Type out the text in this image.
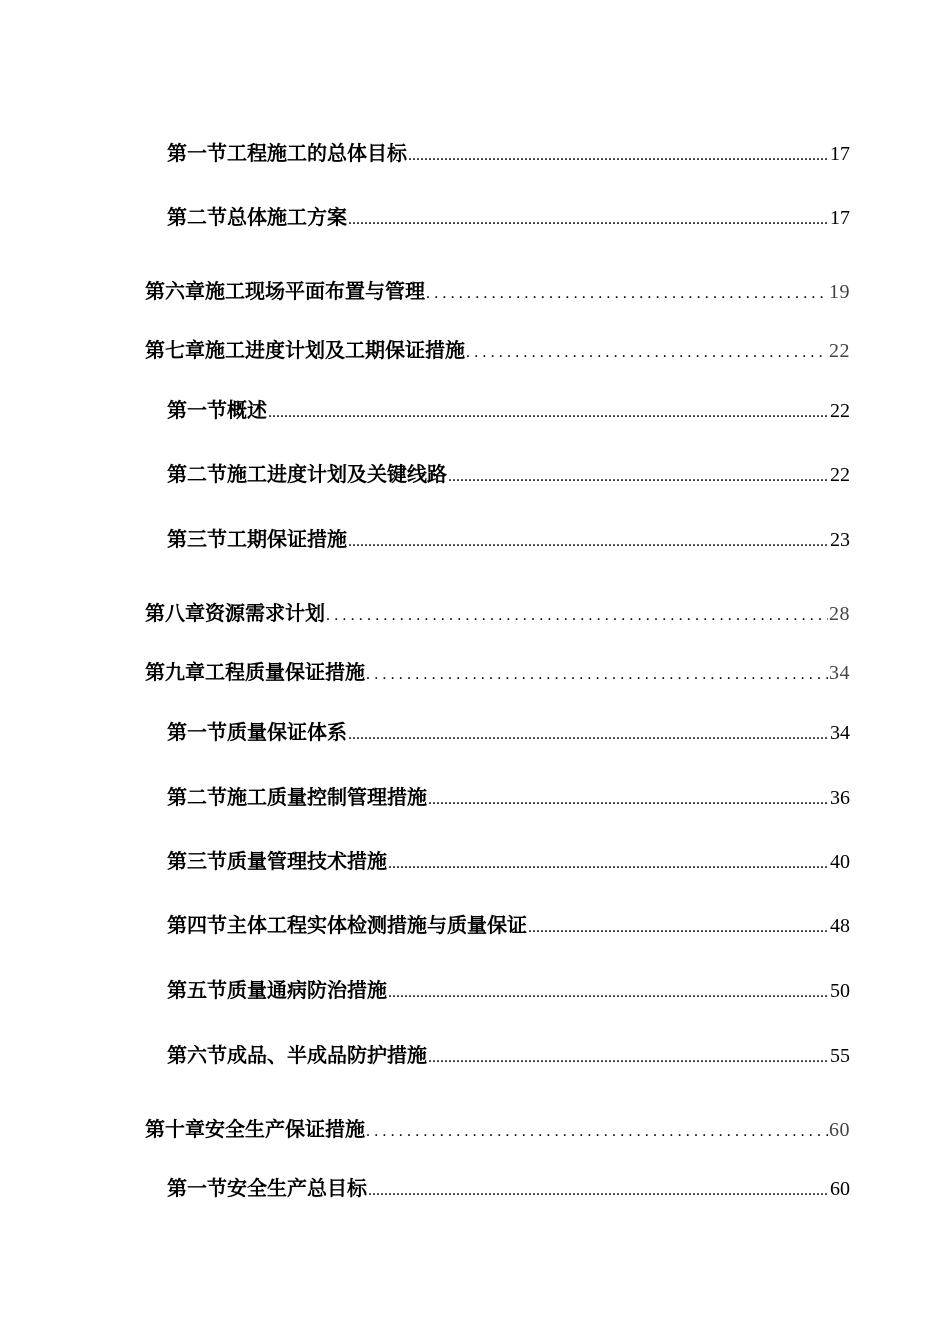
第一节 工程施工的总体目标 .....	17
第二节 总体施工方案 .....	17
第六章 施工现场平面布置与管理 .....	19
第七章 施工进度计划及工期保证措施 .....	22
第一节 概述 .....	22
第二节 施工进度计划及关键线路 .....	22
第三节 工期保证措施 .....	23
第八章 资源需求计划 .....	28
第九章 工程质量保证措施 .....	34
第一节 质量保证体系 .....	34
第二节 施工质量控制管理措施 .....	36
第三节 质量管理技术措施 .....	40
第四节 主体工程实体检测措施与质量保证 .....	48
第五节 质量通病防治措施 .....	50
第六节 成品、半成品防护措施 .....	55
第十章 安全生产保证措施 .....	60
第一节 安全生产总目标 .....	60
